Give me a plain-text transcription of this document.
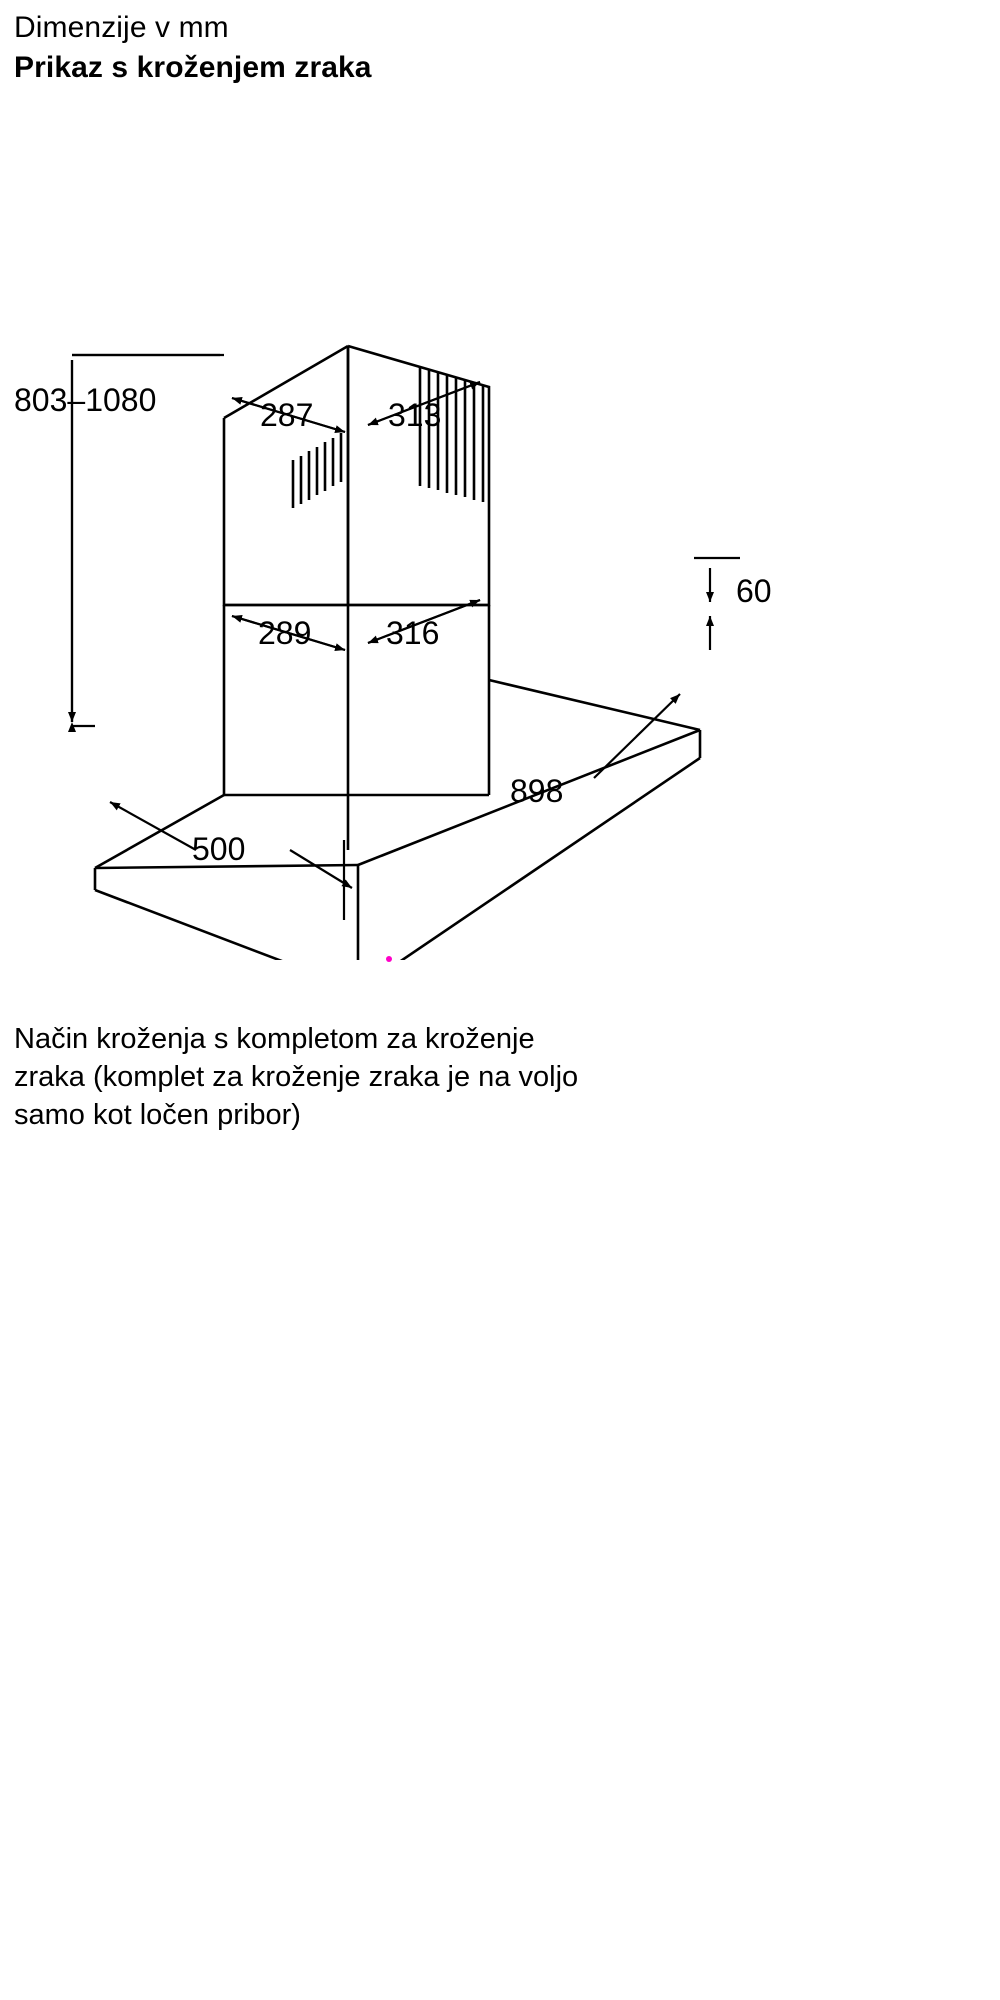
Dimenzije v mm
Prikaz s kroženjem zraka
803–1080	287 313
289 316
60
898
500
Način kroženja s kompletom za kroženje
zraka (komplet za kroženje zraka je na voljo
samo kot ločen pribor)
